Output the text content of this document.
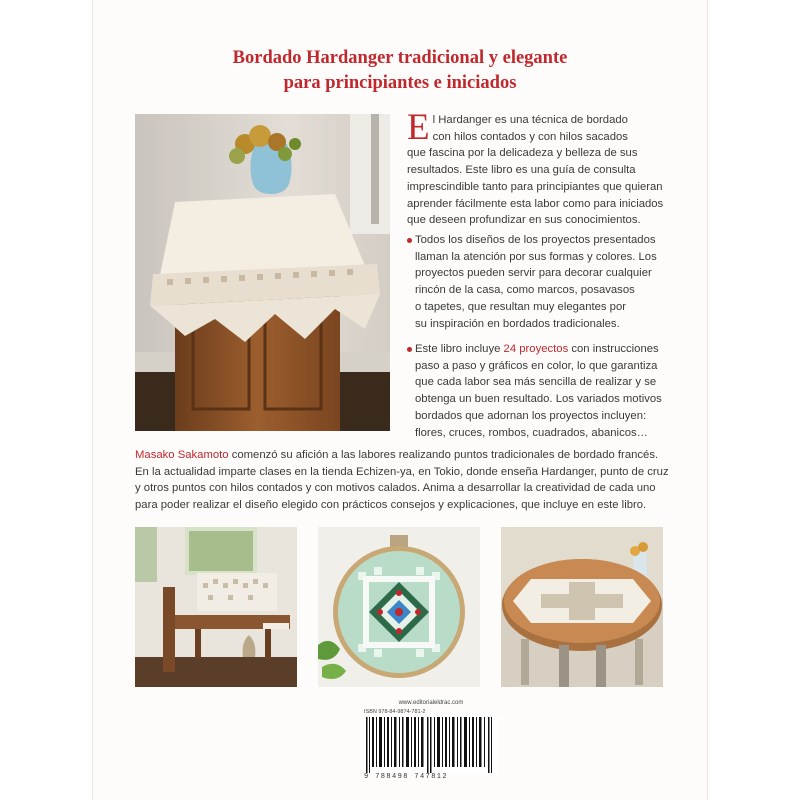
Bordado Hardanger tradicional y elegante
para principiantes e iniciados
E l Hardanger es una técnica de bordado

con hilos contados y con hilos sacados

que fascina por la delicadeza y belleza de sus

resultados. Este libro es una guía de consulta

imprescindible tanto para principiantes que quieran

aprender fácilmente esta labor como para iniciados

que deseen profundizar en sus conocimientos.

Todos los diseños de los proyectos presentados

llaman la atención por sus formas y colores. Los

proyectos pueden servir para decorar cualquier

rincón de la casa, como marcos, posavasos

o tapetes, que resultan muy elegantes por

su inspiración en bordados tradicionales.

Este libro incluye 24 proyectos con instrucciones

paso a paso y gráficos en color, lo que garantiza

que cada labor sea más sencilla de realizar y se

obtenga un buen resultado. Los variados motivos

bordados que adornan los proyectos incluyen:

flores, cruces, rombos, cuadrados, abanicos…

Masako Sakamoto comenzó su afición a las labores realizando puntos tradicionales de bordado francés.

En la actualidad imparte clases en la tienda Echizen-ya, en Tokio, donde enseña Hardanger, punto de cruz

y otros puntos con hilos contados y con motivos calados. Anima a desarrollar la creatividad de cada uno

para poder realizar el diseño elegido con prácticos consejos y explicaciones, que incluye en este libro.

www.editorialeldrac.com
ISBN 978-84-9874-781-2
9 788498 747812
